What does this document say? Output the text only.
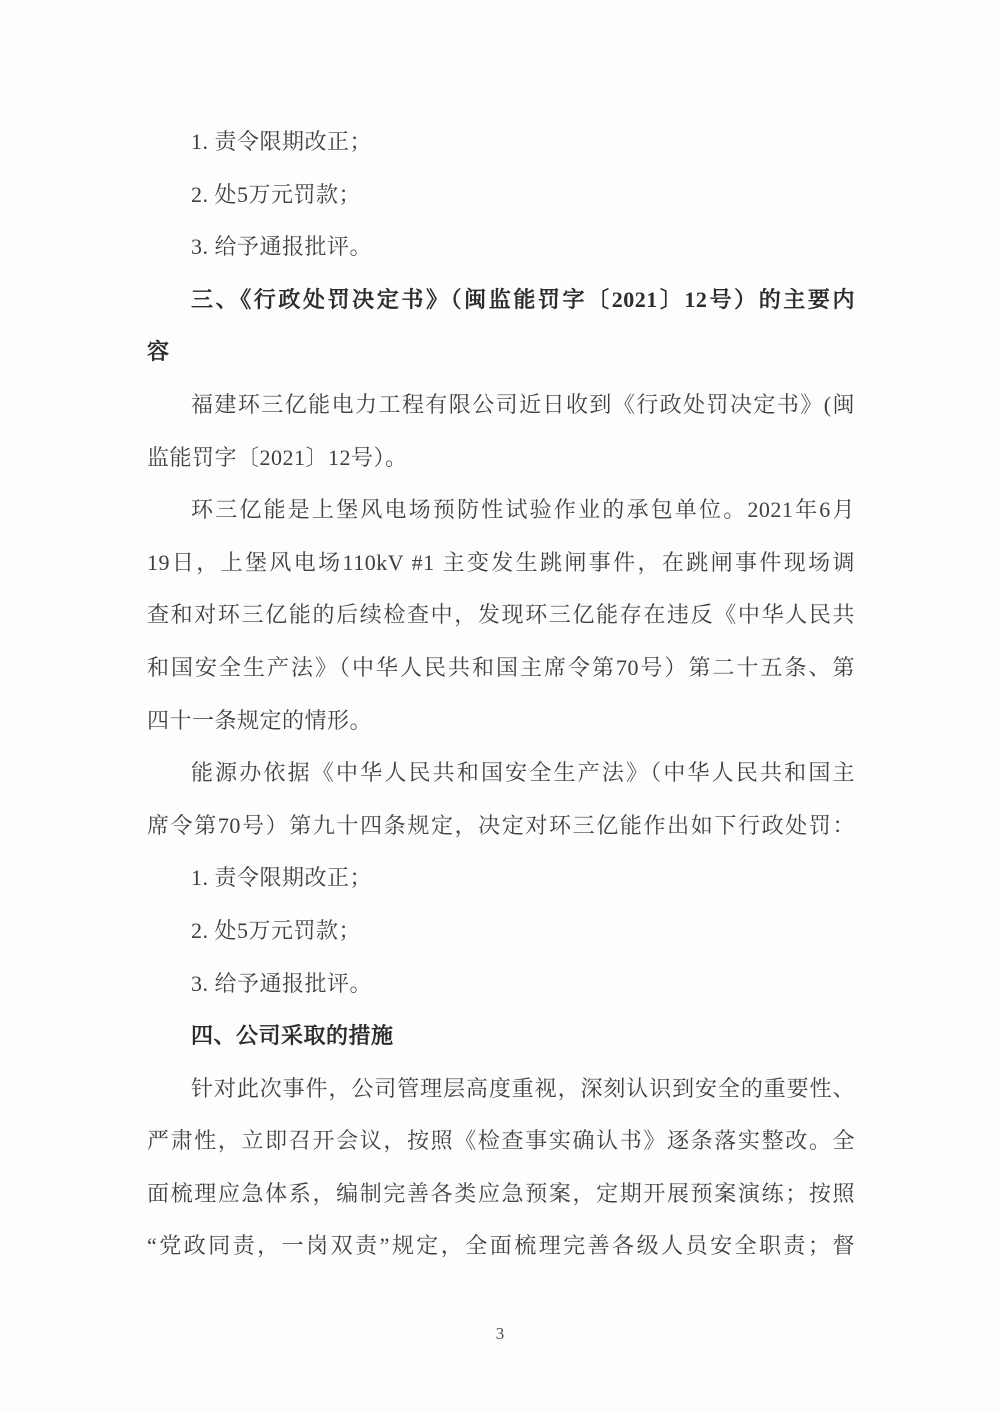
1. 责令限期改正；
2. 处5万元罚款；
3. 给予通报批评。
三、《行政处罚决定书》（闽监能罚字〔2021〕12号）的主要内
容
福建环三亿能电力工程有限公司近日收到《行政处罚决定书》(闽
监能罚字〔2021〕12号）。
环三亿能是上堡风电场预防性试验作业的承包单位。2021年6月
19日，上堡风电场110kV #1 主变发生跳闸事件，在跳闸事件现场调
查和对环三亿能的后续检查中，发现环三亿能存在违反《中华人民共
和国安全生产法》（中华人民共和国主席令第70号）第二十五条、第
四十一条规定的情形。
能源办依据《中华人民共和国安全生产法》（中华人民共和国主
席令第70号）第九十四条规定，决定对环三亿能作出如下行政处罚：
1. 责令限期改正；
2. 处5万元罚款；
3. 给予通报批评。
四、公司采取的措施
针对此次事件，公司管理层高度重视，深刻认识到安全的重要性、
严肃性，立即召开会议，按照《检查事实确认书》逐条落实整改。全
面梳理应急体系，编制完善各类应急预案，定期开展预案演练；按照
“党政同责，一岗双责”规定，全面梳理完善各级人员安全职责；督
3
